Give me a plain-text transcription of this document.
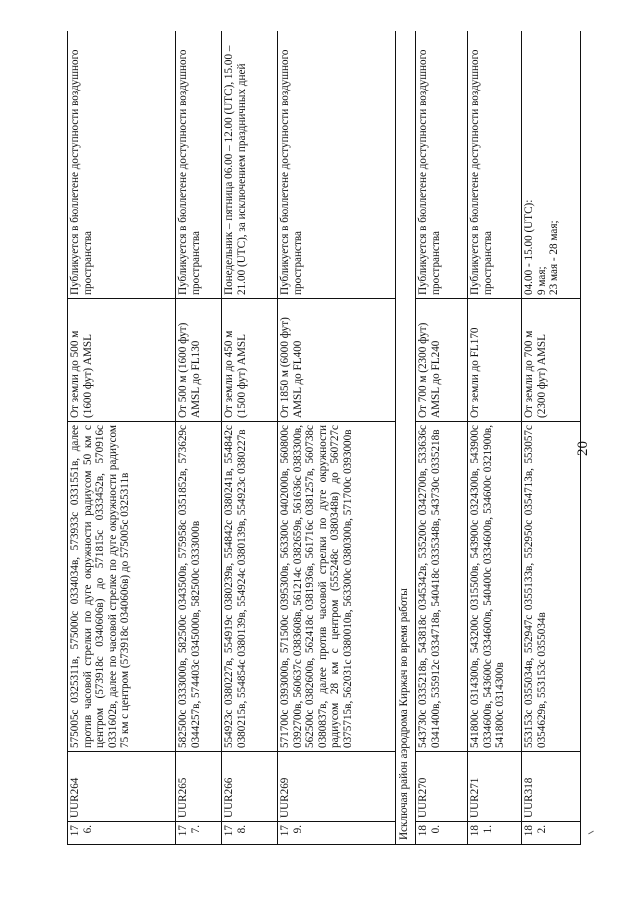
20
176.	UUR264	575005с 0325311в, 575000с 0334034в, 573933с 0331551в, далее против часовой стрелки по дуге окружности радиусом 50 км с центром (573918с 0340606в) до 571815с 0333452в, 570916с 0331602в, далее по часовой стрелке по дуге окружности радиусом 75 км с центром (573918с 0340606в) до 575005с 0325311в	От земли до 500 м (1600 фут) AMSL	Публикуется в бюллетене доступности воздушного пространства
177.	UUR265	582500с 0333000в, 582500с 0343500в, 575958с 0351852в, 573629с 0344257в, 574403с 0345000в, 582500с 0333000в	От 500 м (1600 фут) AMSL до FL130	Публикуется в бюллетене доступности воздушного пространства
178.	UUR266	554923с 0380227в, 554919с 0380239в, 554842с 0380241в, 554842с 0380215в, 554854с 0380139в, 554924с 0380139в, 554923с 0380227в	От земли до 450 м (1500 фут) AMSL	Понедельник – пятница 06.00 – 12.00 (UTC), 15.00 – 21.00 (UTC), за исключением праздничных дней
179.	UUR269	571700с 0393000в, 571500с 0395300в, 563300с 0402000в, 560800с 0392700в, 560637с 0383608в, 561214с 0382659в, 561636с 0383300в, 562500с 0382600в, 562418с 0381936в, 561716с 0381257в, 560738с 0380837в, далее против часовой стрелки по дуге окружности радиусом 28 км с центром (555248с 0380348в) до 560727с 0375715в, 562031с 0380010в, 563300с 0380300в, 571700с 0393000в	От 1850 м (6000 фут) AMSL до FL400	Публикуется в бюллетене доступности воздушного пространства
Исключая район аэродрома Киржач во время работы				
180.	UUR270	543730с 0335218в, 543818с 0345342в, 535200с 0342700в, 533636с 0341400в, 535912с 0334718в, 540418с 0335348в, 543730с 0335218в	От 700 м (2300 фут) AMSL до FL240	Публикуется в бюллетене доступности воздушного пространства
181.	UUR271	541800с 0314300в, 543200с 0315500в, 543900с 0324300в, 543900с 0334600в, 543600с 0334600в, 540400с 0334600в, 534600с 0321900в, 541800с 0314300в	От земли до FL170	Публикуется в бюллетене доступности воздушного пространства
182.	UUR318	553153с 0355034в, 552947с 0355133в, 552950с 0354713в, 553057с 0354629в, 553153с 0355034в	От земли до 700 м (2300 фут) AMSL	04.00 - 15.00 (UTC):
9 мая;
23 мая - 28 мая;
